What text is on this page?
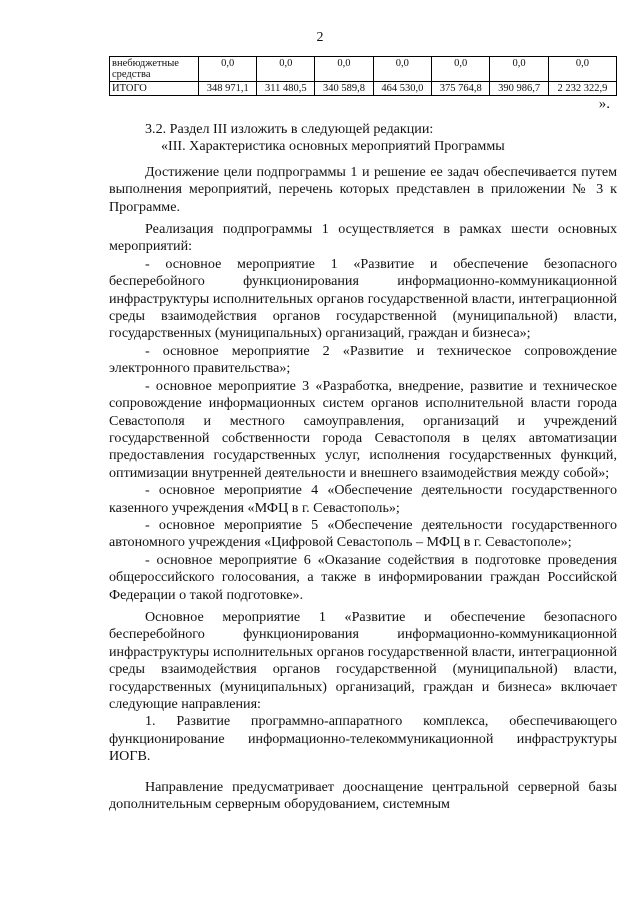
2
внебюджетные средства	0,0	0,0	0,0	0,0	0,0	0,0	0,0
ИТОГО	348 971,1	311 480,5	340 589,8	464 530,0	375 764,8	390 986,7	2 232 322,9
».

3.2. Раздел III изложить в следующей редакции:

«III. Характеристика основных мероприятий Программы

Достижение цели подпрограммы 1 и решение ее задач обеспечивается путем выполнения мероприятий, перечень которых представлен в приложении № 3 к Программе.

Реализация подпрограммы 1 осуществляется в рамках шести основных мероприятий:

- основное мероприятие 1 «Развитие и обеспечение безопасного бесперебойного функционирования информационно-коммуникационной инфраструктуры исполнительных органов государственной власти, интеграционной среды взаимодействия органов государственной (муниципальной) власти, государственных (муниципальных) организаций, граждан и бизнеса»;

- основное мероприятие 2 «Развитие и техническое сопровождение электронного правительства»;

- основное мероприятие 3 «Разработка, внедрение, развитие и техническое сопровождение информационных систем органов исполнительной власти города Севастополя и местного самоуправления, организаций и учреждений государственной собственности города Севастополя в целях автоматизации предоставления государственных услуг, исполнения государственных функций, оптимизации внутренней деятельности и внешнего взаимодействия между собой»;

- основное мероприятие 4 «Обеспечение деятельности государственного казенного учреждения «МФЦ в г. Севастополь»;

- основное мероприятие 5 «Обеспечение деятельности государственного автономного учреждения «Цифровой Севастополь – МФЦ в г. Севастополе»;

- основное мероприятие 6 «Оказание содействия в подготовке проведения общероссийского голосования, а также в информировании граждан Российской Федерации о такой подготовке».

Основное мероприятие 1 «Развитие и обеспечение безопасного бесперебойного функционирования информационно-коммуникационной инфраструктуры исполнительных органов государственной власти, интеграционной среды взаимодействия органов государственной (муниципальной) власти, государственных (муниципальных) организаций, граждан и бизнеса» включает следующие направления:

1. Развитие программно-аппаратного комплекса, обеспечивающего функционирование информационно-телекоммуникационной инфраструктуры ИОГВ.

Направление предусматривает дооснащение центральной серверной базы дополнительным серверным оборудованием, системным
